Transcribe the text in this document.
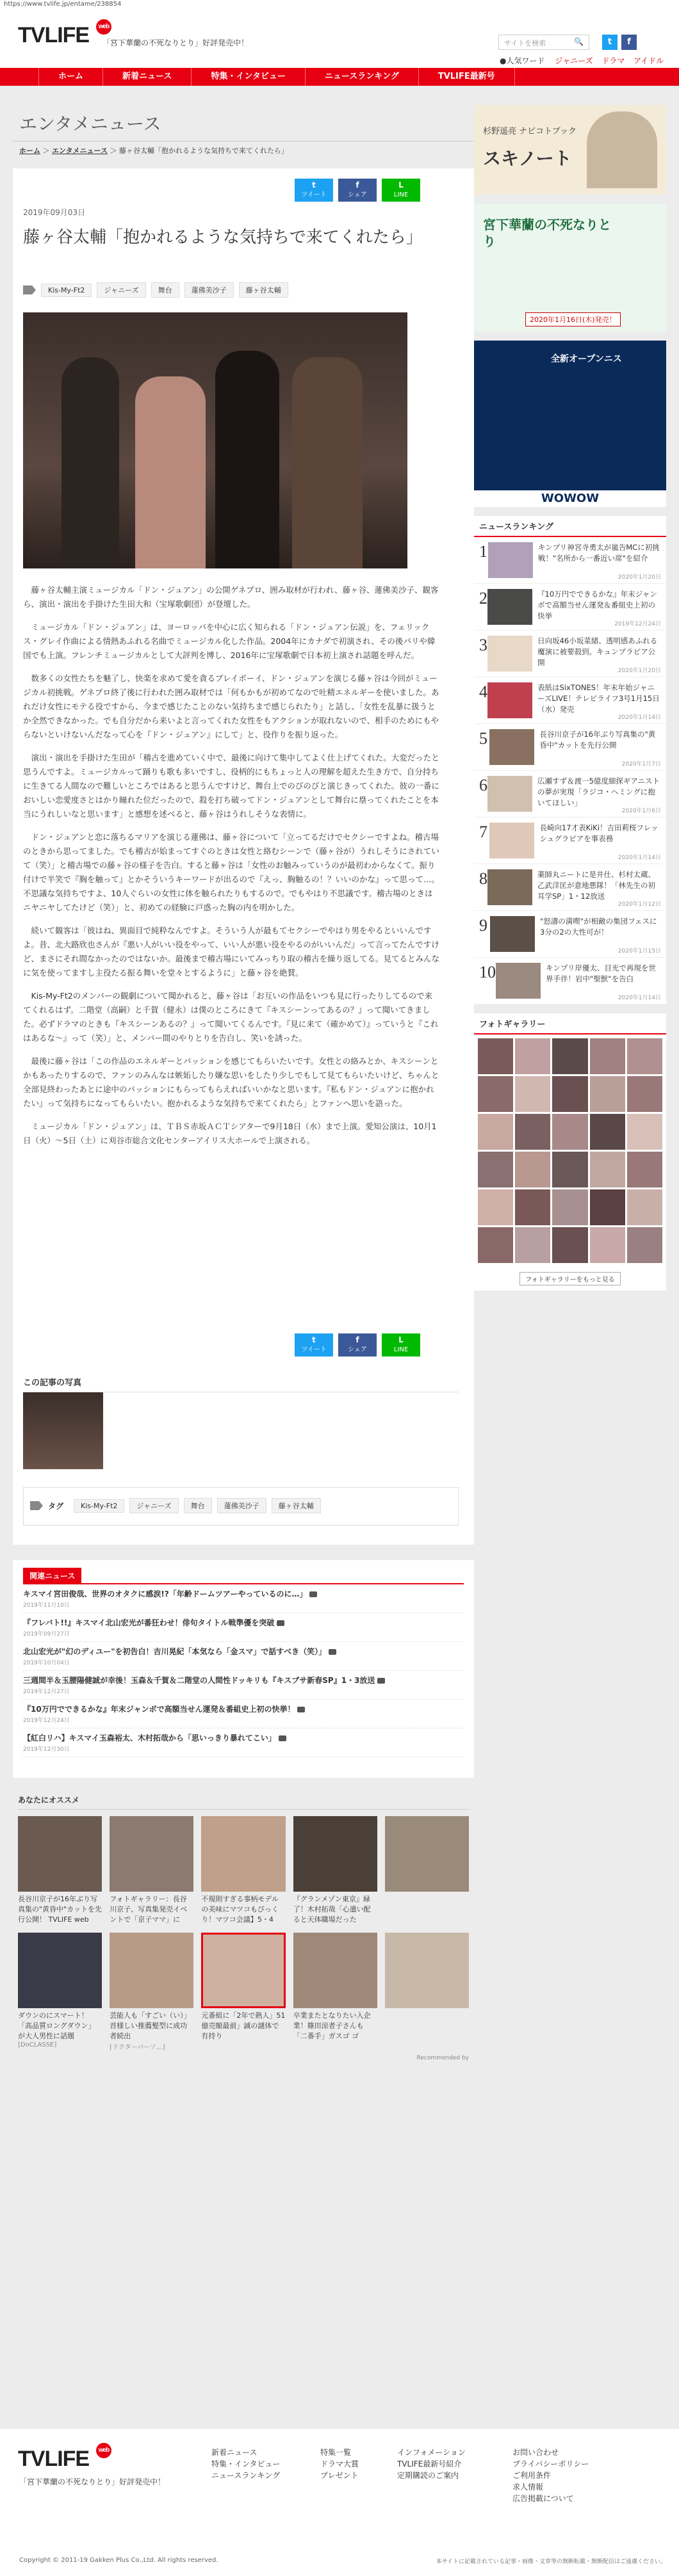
https://www.tvlife.jp/entame/238854
TVLIFE	web
「宮下華蘭の不死なりとり」好評発売中！	サイトを検索	🔍	t	f
●人気ワード ジャニーズ ドラマ アイドル
ホーム	新着ニュース	特集・インタビュー	ニュースランキング	TVLIFE最新号
エンタメニュース
ホーム ＞ エンタメニュース ＞ 藤ヶ谷太輔「抱かれるような気持ちで来てくれたら」
t
ツイート
f
シェア
L
LINE
2019年09月03日
藤ヶ谷太輔「抱かれるような気持ちで来てくれたら」
Kis-My-Ft2	ジャニーズ	舞台	蓮佛美沙子	藤ヶ谷太輔

藤ヶ谷太輔主演ミュージカル「ドン・ジュアン」の公開ゲネプロ、囲み取材が行われ、藤ヶ谷、蓮佛美沙子、観客ら、演出・演出を手掛けた生田大和（宝塚歌劇団）が登壇した。

ミュージカル「ドン・ジュアン」は、ヨーロッパを中心に広く知られる「ドン・ジュアン伝説」を、フェリックス・グレイ作曲による情熱あふれる名曲でミュージカル化した作品。2004年にカナダで初演され、その後パリや韓国でも上演。フレンチミュージカルとして大評判を博し、2016年に宝塚歌劇で日本初上演され話題を呼んだ。

数多くの女性たちを魅了し、快楽を求めて愛を貪るプレイボーイ、ドン・ジュアンを演じる藤ヶ谷は今回がミュージカル初挑戦。ゲネプロ終了後に行われた囲み取材では「何もかもが初めてなので吐精エネルギーを使いました。あれだけ女性にモテる役ですから、今まで感じたことのない気持ちまで感じられたり」と話し、「女性を乱暴に扱うとか全然できなかった。でも自分だから来いよと言ってくれた女性をもアクションが取れないので、相手のためにもやらないといけないんだなって心を『ドン・ジュアン』にして」と、役作りを振り返った。

演出・演出を手掛けた生田が「稽古を進めていく中で、最後に向けて集中してよく仕上げてくれた。大変だったと思うんですよ。ミュージカルって踊りも歌も多いですし、役柄的にもちょっと人の理解を超えた生き方で、自分持ちに生きてる人間なので難しいところではあると思うんですけど、舞台上でのびのびと演じきってくれた。彼の一番においしい恋愛度さとはかり瞳れた位だったので、殺を打ち破ってドン・ジュアンとして舞台に塁ってくれたことを本当にうれしいなと思います」と感想を述べると、藤ヶ谷はうれしそうな表情に。

ドン・ジュアンと恋に落ちるマリアを演じる蓮佛は、藤ヶ谷について「立ってるだけでセクシーですよね。稽古場のときから思ってました。でも稽古が始まってすぐのときは女性と絡むシーンで（藤ヶ谷が）うれしそうにされていて（笑）」と稽古場での藤ヶ谷の様子を告白。すると藤ヶ谷は「女性のお触みっていうのが最初わからなくて。振り付けで半笑で『胸を触って』とかそういうキーワードが出るので『えっ、胸触るの！？いいのかな』って思って…。不思議な気持ちですよ、10人ぐらいの女性に体を触られたりもするので。でもやはり不思議です。稽古場のときはニヤニヤしてたけど（笑）」と、初めての経験に戸惑った胸の内を明かした。

続いて観客は「彼はね、異面目で純粋なんですよ。そういう人が最もてセクシーでやはり男をやるといいんですよ。昔、北大路欣也さんが『悪い人がいい役をやって、いい人が悪い役をやるのがいいんだ』って言ってたんですけど、まさにそれ間なかったのではないか。最後まで稽古場にいてみっちり取の稽古を繰り返してる。見てるとみんなに気を使ってますし主役たる振る舞いを堂々とするように」と藤ヶ谷を絶賛。

Kis-My-Ft2のメンバーの観劇について聞かれると、藤ヶ谷は「お互いの作品をいつも見に行ったりしてるので来てくれるはず。二階堂（高嗣）と千賀（健永）は僕のところにきて『キスシーンってあるの？』って聞いてきました。必ずドラマのときも『キスシーンあるの？』って聞いてくるんです。『見に来て（確かめて）』っていうと『これはあるな〜』って（笑）」と、メンバー間のやりとりを告白し、笑いを誘った。

最後に藤ヶ谷は「この作品のエネルギーとパッションを感じてもらいたいです。女性との絡みとか、キスシーンとかもあったりするので、ファンのみんなは嫉妬したり嫌な思いをしたり少しでもして見てもらいたいけど、ちゃんと全部見終わったあとに途中のパッションにもらってもらえればいいかなと思います。『私もドン・ジュアンに抱かれたい』って気持ちになってもらいたい。抱かれるような気持ちで来てくれたら」とファンへ思いを語った。

ミュージカル「ドン・ジュアン」は、ＴＢＳ赤坂ＡＣＴシアターで9月18日（水）まで上演。愛知公演は、10月1日（火）〜5日（土）に刈谷市総合文化センターアイリス大ホールで上演される。

t
ツイート
f
シェア
L
LINE
この記事の写真
タグ	Kis-My-Ft2	ジャニーズ	舞台	蓮佛美沙子	藤ヶ谷太輔
関連ニュース
キスマイ宮田俊哉、世界のオタクに感涙!?「年齢ドームツアーやっているのに…」
2019年11月10日
『フレバト!!』キスマイ北山宏光が番狂わせ！俳句タイトル戦準優を突破
2019年09月27日
北山宏光が"幻のディユー"を初告白！吉川晃紀「本気なら「金スマ」で話すべき（笑）」
2019年10月04日
三週間半＆玉腰陽健誠が幸後！玉森＆千賀＆二階堂の人間性ドッキリも『キスブサ新春SP』1・3放送
2019年12月27日
『10万円でできるかな』年末ジャンボで高額当せん運発＆番組史上初の快挙！
2019年12月24日
【紅白リハ】キスマイ玉森裕太、木村拓哉から「思いっきり暴れてこい」
2019年12月30日
あなたにオススメ
長谷川京子が16年ぶり写真集の"黄昏中"カットを先行公開！ TVLIFE web
フォトギャラリー：長谷川京子、写真集発売イベントで「京子ママ」に
不規則すぎる事柄モデルの美味にマツコもびっくり！マツコ会議】5・4
『グランメゾン東京』緑了！木村拓哉「心遣い配ると天体職場だった
ダウンのにスマート！「高品質ロングダウン」が大人男性に話題
[DoCLASSE]
芸能人も「すごい（い）」首様しい推薦髪型に成功者続出
[ドクターパーソ…]
元番組に「2年で熱人」51億売額最前」誠の謎体で有持り
卒業またとなりたい入企業！篠田涼者子さんも「二番手」ガスゴ ゴ
Recommended by
杉野遥亮 ナビコトブック
スキノート
宮下華蘭の不死なりとり
2020年1月16日(木)発売！
全新オープンニス
WOWOW
ニュースランキング
1	キンプリ神宮寺勇太が嵐告MCに初挑戦！"名所から一番近い席"を紹介
2020年1月20日
2	『10万円でできるかな』年末ジャンボで高額当せん運発＆番組史上初の快挙
2019年12月24日
3	日向坂46小坂菜緒、透明感あふれる魔演に被要殺到。キュンプラビア公開
2020年1月20日
4	表紙はSixTONES！年末年始ジャニーズLIVE！テレビライフ3号1月15日（水）発売
2020年1月14日
5	長谷川京子が16年ぶり写真集の"黄昏中"カットを先行公開
2020年1月7日
6	広瀬すず＆渡一5億度細探ギアニストの夢が実現「ラジコ・ヘミングに抱いてほしい」
2020年1月6日
7	長崎向17才表KiKi！吉田莉桜フレッシュグラビアを事表務
2020年1月14日
8	薬師丸ニートに是井仕、杉村太蔵、乙武洋匡が意地悪隊！「林先生の初耳学SP」1・12放送
2020年1月12日
9	"怒濤の満喫"が相敵の集団フェスに3分の2の大性可が！
2020年1月15日
10	キンプリ岸優太、目光で再現を世界手伴！岩中"聖獣"を告白
2020年1月14日
フォトギャラリー
フォトギャラリーをもっと見る
TVLIFE	web
「宮下華蘭の不死なりとり」好評発売中！
新着ニュース
特集・インタビュー
ニュースランキング
特集一覧
ドラマ大賞
プレゼント
インフォメーション
TVLIFE最新号紹介
定期購読のご案内
お問い合わせ
プライバシーポリシー
ご利用条件
求人情報
広告掲載について
Copyright © 2011-19 Gakken Plus Co.,Ltd. All rights reserved.	本サイトに記載されている記事・画像・文章等の無断転載・無断配信はご遠慮ください。
